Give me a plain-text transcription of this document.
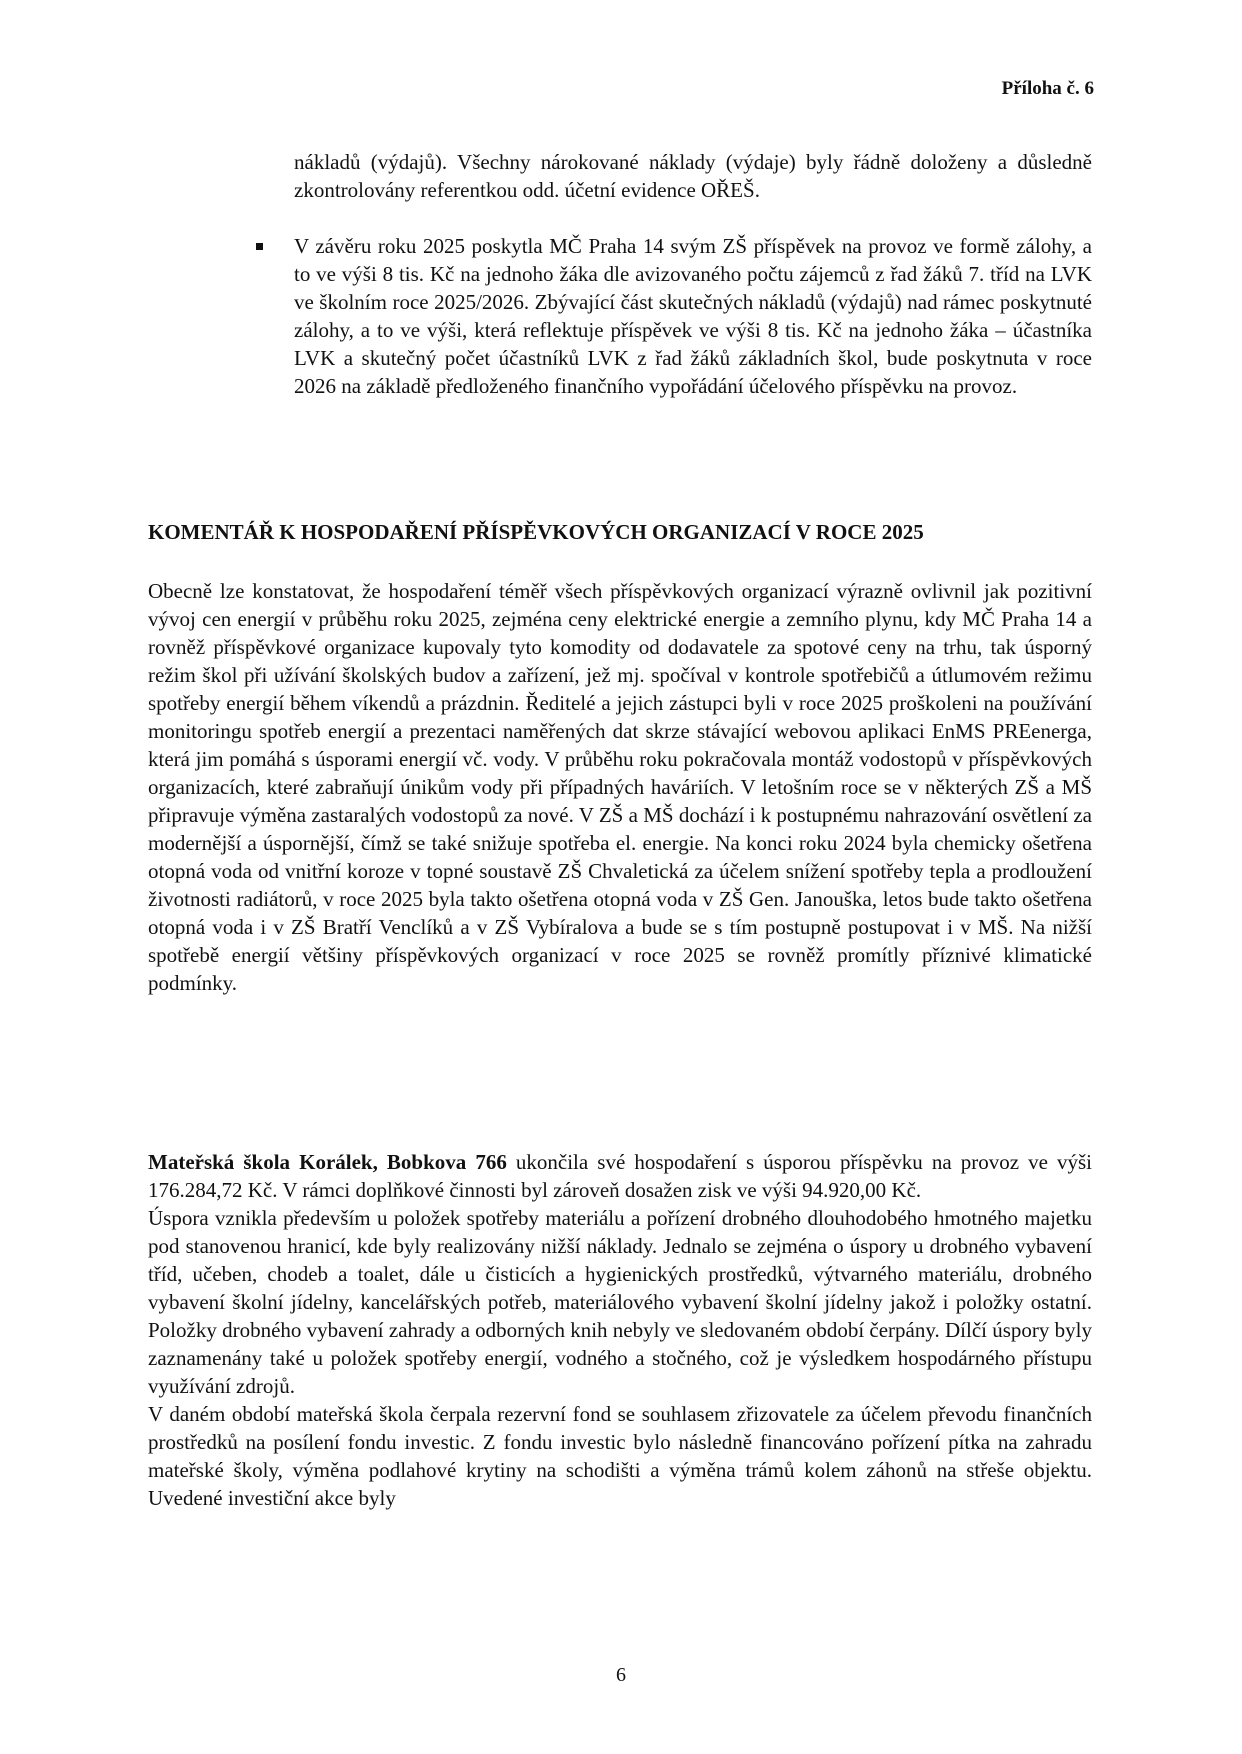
Příloha č. 6
nákladů (výdajů). Všechny nárokované náklady (výdaje) byly řádně doloženy a důsledně zkontrolovány referentkou odd. účetní evidence OŘEŠ.
V závěru roku 2025 poskytla MČ Praha 14 svým ZŠ příspěvek na provoz ve formě zálohy, a to ve výši 8 tis. Kč na jednoho žáka dle avizovaného počtu zájemců z řad žáků 7. tříd na LVK ve školním roce 2025/2026. Zbývající část skutečných nákladů (výdajů) nad rámec poskytnuté zálohy, a to ve výši, která reflektuje příspěvek ve výši 8 tis. Kč na jednoho žáka – účastníka LVK a skutečný počet účastníků LVK z řad žáků základních škol, bude poskytnuta v roce 2026 na základě předloženého finančního vypořádání účelového příspěvku na provoz.
KOMENTÁŘ K HOSPODAŘENÍ PŘÍSPĚVKOVÝCH ORGANIZACÍ V ROCE 2025
Obecně lze konstatovat, že hospodaření téměř všech příspěvkových organizací výrazně ovlivnil jak pozitivní vývoj cen energií v průběhu roku 2025, zejména ceny elektrické energie a zemního plynu, kdy MČ Praha 14 a rovněž příspěvkové organizace kupovaly tyto komodity od dodavatele za spotové ceny na trhu, tak úsporný režim škol při užívání školských budov a zařízení, jež mj. spočíval v kontrole spotřebičů a útlumovém režimu spotřeby energií během víkendů a prázdnin. Ředitelé a jejich zástupci byli v roce 2025 proškoleni na používání monitoringu spotřeb energií a prezentaci naměřených dat skrze stávající webovou aplikaci EnMS PREenerga, která jim pomáhá s úsporami energií vč. vody. V průběhu roku pokračovala montáž vodostopů v příspěvkových organizacích, které zabraňují únikům vody při případných haváriích. V letošním roce se v některých ZŠ a MŠ připravuje výměna zastaralých vodostopů za nové. V ZŠ a MŠ dochází i k postupnému nahrazování osvětlení za modernější a úspornější, čímž se také snižuje spotřeba el. energie. Na konci roku 2024 byla chemicky ošetřena otopná voda od vnitřní koroze v topné soustavě ZŠ Chvaletická za účelem snížení spotřeby tepla a prodloužení životnosti radiátorů, v roce 2025 byla takto ošetřena otopná voda v ZŠ Gen. Janouška, letos bude takto ošetřena otopná voda i v ZŠ Bratří Venclíků a v ZŠ Vybíralova a bude se s tím postupně postupovat i v MŠ. Na nižší spotřebě energií většiny příspěvkových organizací v roce 2025 se rovněž promítly příznivé klimatické podmínky.
Mateřská škola Korálek, Bobkova 766 ukončila své hospodaření s úsporou příspěvku na provoz ve výši 176.284,72 Kč. V rámci doplňkové činnosti byl zároveň dosažen zisk ve výši 94.920,00 Kč.
Úspora vznikla především u položek spotřeby materiálu a pořízení drobného dlouhodobého hmotného majetku pod stanovenou hranicí, kde byly realizovány nižší náklady. Jednalo se zejména o úspory u drobného vybavení tříd, učeben, chodeb a toalet, dále u čisticích a hygienických prostředků, výtvarného materiálu, drobného vybavení školní jídelny, kancelářských potřeb, materiálového vybavení školní jídelny jakož i položky ostatní. Položky drobného vybavení zahrady a odborných knih nebyly ve sledovaném období čerpány. Dílčí úspory byly zaznamenány také u položek spotřeby energií, vodného a stočného, což je výsledkem hospodárného přístupu využívání zdrojů.
V daném období mateřská škola čerpala rezervní fond se souhlasem zřizovatele za účelem převodu finančních prostředků na posílení fondu investic. Z fondu investic bylo následně financováno pořízení pítka na zahradu mateřské školy, výměna podlahové krytiny na schodišti a výměna trámů kolem záhonů na střeše objektu. Uvedené investiční akce byly
6
